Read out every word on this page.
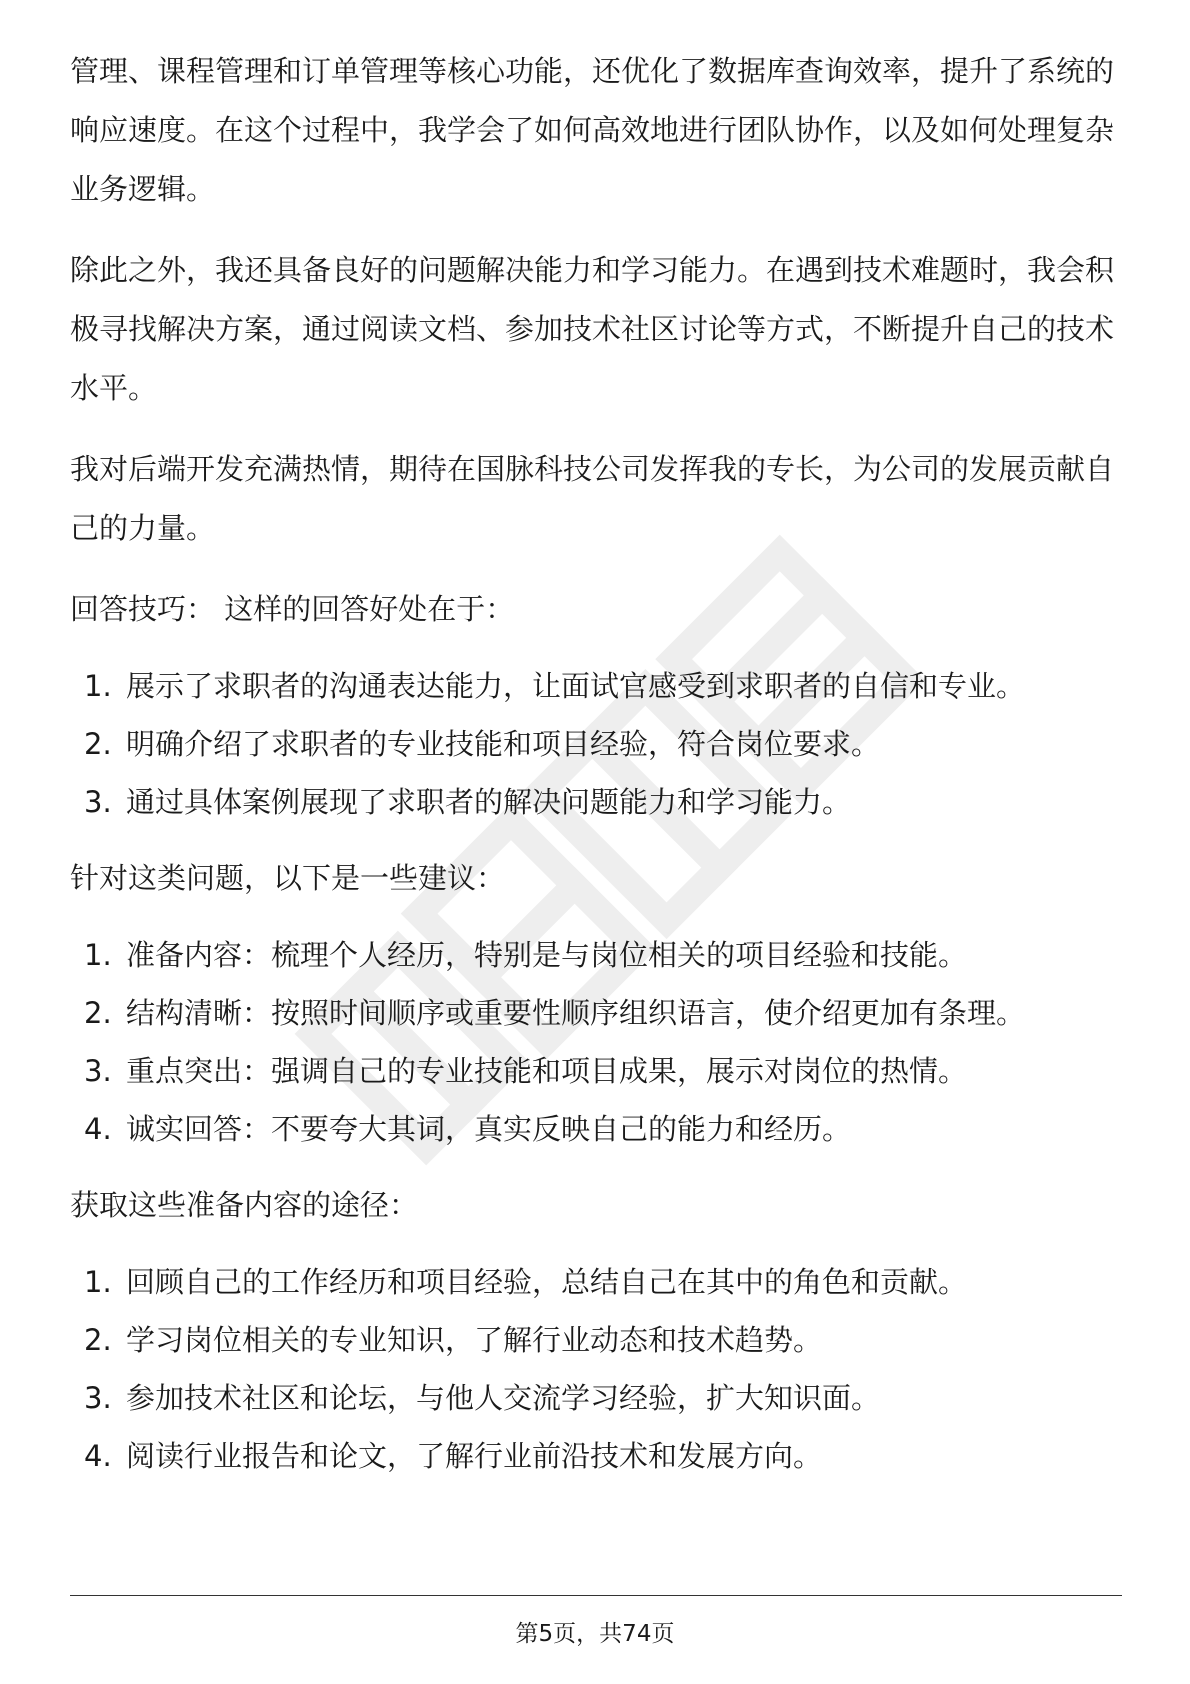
管理、课程管理和订单管理等核心功能，还优化了数据库查询效率，提升了系统的响应速度。在这个过程中，我学会了如何高效地进行团队协作，以及如何处理复杂业务逻辑。

除此之外，我还具备良好的问题解决能力和学习能力。在遇到技术难题时，我会积极寻找解决方案，通过阅读文档、参加技术社区讨论等方式，不断提升自己的技术水平。

我对后端开发充满热情，期待在国脉科技公司发挥我的专长，为公司的发展贡献自己的力量。

回答技巧： 这样的回答好处在于：

1. 展示了求职者的沟通表达能力，让面试官感受到求职者的自信和专业。
2. 明确介绍了求职者的专业技能和项目经验，符合岗位要求。
3. 通过具体案例展现了求职者的解决问题能力和学习能力。

针对这类问题，以下是一些建议：

1. 准备内容：梳理个人经历，特别是与岗位相关的项目经验和技能。
2. 结构清晰：按照时间顺序或重要性顺序组织语言，使介绍更加有条理。
3. 重点突出：强调自己的专业技能和项目成果，展示对岗位的热情。
4. 诚实回答：不要夸大其词，真实反映自己的能力和经历。

获取这些准备内容的途径：

1. 回顾自己的工作经历和项目经验，总结自己在其中的角色和贡献。
2. 学习岗位相关的专业知识，了解行业动态和技术趋势。
3. 参加技术社区和论坛，与他人交流学习经验，扩大知识面。
4. 阅读行业报告和论文，了解行业前沿技术和发展方向。
第5页，共74页
